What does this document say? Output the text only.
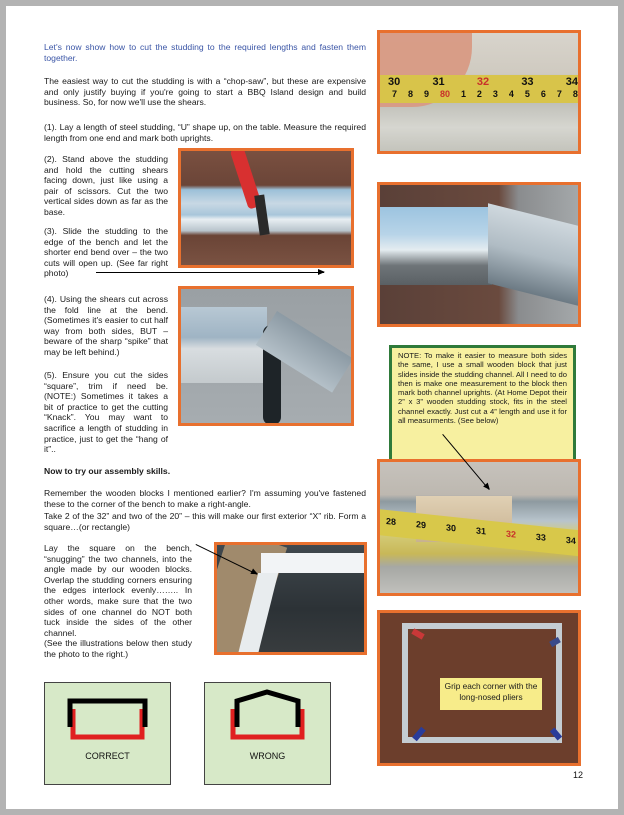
Let's now show how to cut the studding to the required lengths and fasten them together.

The easiest way to cut the studding is with a “chop-saw”, but these are expensive and only justify buying if you're going to start a BBQ Island design and build business. So, for now we'll use the shears.

(1). Lay a length of steel studding, “U” shape up, on the table. Measure the required length from one end and mark both uprights.

(2). Stand above the studding and hold the cutting shears facing down, just like using a pair of scissors. Cut the two vertical sides down as far as the base.

(3). Slide the studding to the edge of the bench and let the shorter end bend over – the two cuts will open up. (See far right photo)

(4). Using the shears cut across the fold line at the bend. (Sometimes it's easier to cut half way from both sides, BUT – beware of the sharp “spike” that may be left behind.)

(5). Ensure you cut the sides “square”, trim if need be. (NOTE:) Sometimes it takes a bit of practice to get the cutting “Knack”. You may want to sacrifice a length of studding in practice, just to get the “hang of it”..

Now to try our assembly skills.

Remember the wooden blocks I mentioned earlier? I'm assuming you've fastened these to the corner of the bench to make a right-angle.

Take 2 of the 32” and two of the 20” – this will make our first exterior “X” rib. Form a square…(or rectangle)

Lay the square on the bench, “snugging” the two channels, into the angle made by our wooden blocks. Overlap the studding corners ensuring the edges interlock evenly…….. In other words, make sure that the two sides of one channel do NOT both tuck inside the sides of the other channel.

(See the illustrations below then study the photo to the right.)

30	31	32	33	34
7 8 9 80 1 2 3 4 5 6 7 8
NOTE: To make it easier to measure both sides the same, I use a small wooden block that just slides inside the studding channel. All I need to do then is make one measurement to the block then mark both channel uprights. (At Home Depot their 2” x 3” wooden studding stock, fits in the steel channel exactly. Just cut a 4” length and use it for all measurments. (See below)
28 29 30 31 32 33 34
Grip each corner with the long-nosed pliers
CORRECT	WRONG
12
